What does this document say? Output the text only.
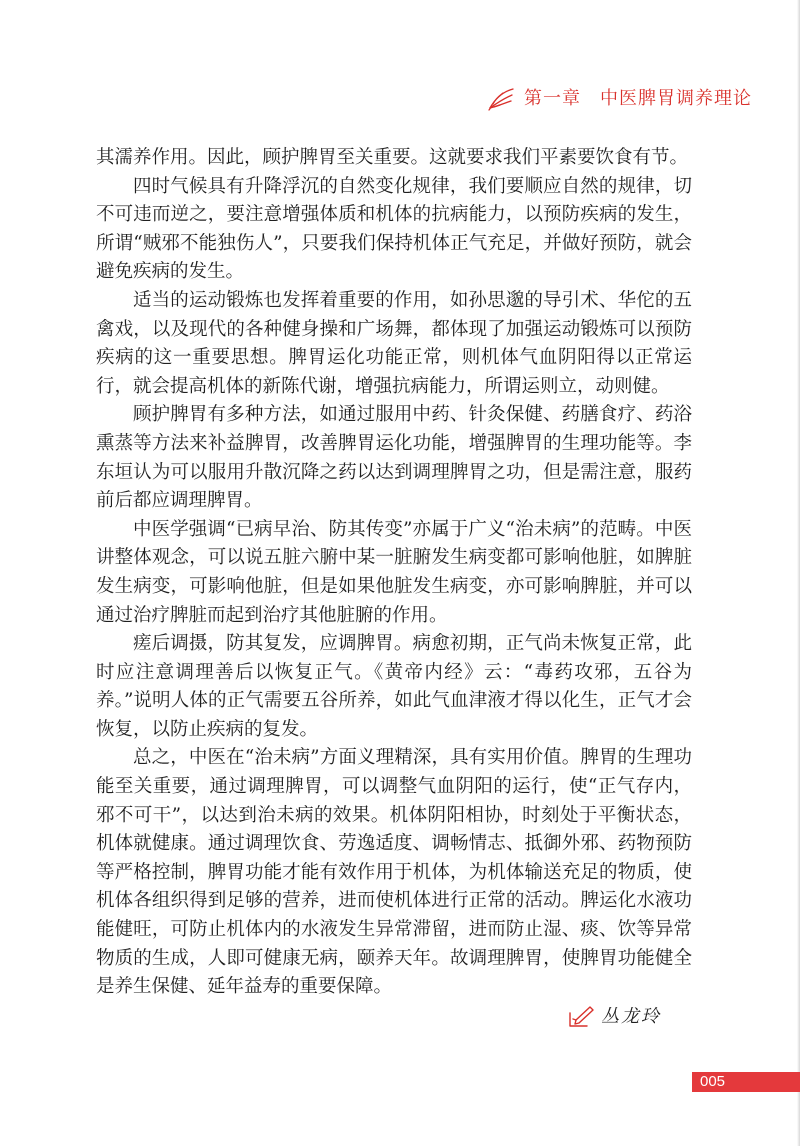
第一章　中医脾胃调养理论

其濡养作用。因此，顾护脾胃至关重要。这就要求我们平素要饮食有节。

四时气候具有升降浮沉的自然变化规律，我们要顺应自然的规律，切不可违而逆之，要注意增强体质和机体的抗病能力，以预防疾病的发生，所谓“贼邪不能独伤人”，只要我们保持机体正气充足，并做好预防，就会避免疾病的发生。

适当的运动锻炼也发挥着重要的作用，如孙思邈的导引术、华佗的五禽戏，以及现代的各种健身操和广场舞，都体现了加强运动锻炼可以预防疾病的这一重要思想。脾胃运化功能正常，则机体气血阴阳得以正常运行，就会提高机体的新陈代谢，增强抗病能力，所谓运则立，动则健。

顾护脾胃有多种方法，如通过服用中药、针灸保健、药膳食疗、药浴熏蒸等方法来补益脾胃，改善脾胃运化功能，增强脾胃的生理功能等。李东垣认为可以服用升散沉降之药以达到调理脾胃之功，但是需注意，服药前后都应调理脾胃。

中医学强调“已病早治、防其传变”亦属于广义“治未病”的范畴。中医讲整体观念，可以说五脏六腑中某一脏腑发生病变都可影响他脏，如脾脏发生病变，可影响他脏，但是如果他脏发生病变，亦可影响脾脏，并可以通过治疗脾脏而起到治疗其他脏腑的作用。

瘥后调摄，防其复发，应调脾胃。病愈初期，正气尚未恢复正常，此时应注意调理善后以恢复正气。《黄帝内经》云：“毒药攻邪，五谷为养。”说明人体的正气需要五谷所养，如此气血津液才得以化生，正气才会恢复，以防止疾病的复发。

总之，中医在“治未病”方面义理精深，具有实用价值。脾胃的生理功能至关重要，通过调理脾胃，可以调整气血阴阳的运行，使“正气存内，邪不可干”，以达到治未病的效果。机体阴阳相协，时刻处于平衡状态，机体就健康。通过调理饮食、劳逸适度、调畅情志、抵御外邪、药物预防等严格控制，脾胃功能才能有效作用于机体，为机体输送充足的物质，使机体各组织得到足够的营养，进而使机体进行正常的活动。脾运化水液功能健旺，可防止机体内的水液发生异常滞留，进而防止湿、痰、饮等异常物质的生成，人即可健康无病，颐养天年。故调理脾胃，使脾胃功能健全是养生保健、延年益寿的重要保障。

丛龙玲
005
